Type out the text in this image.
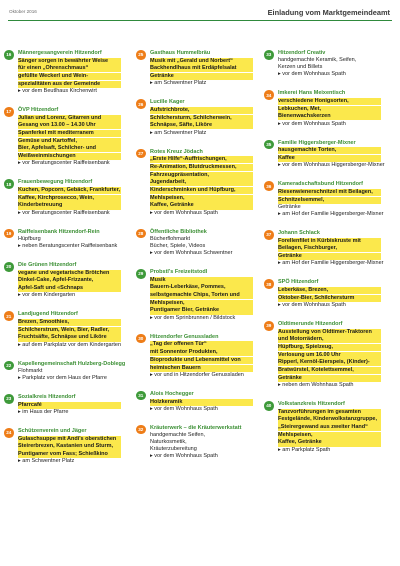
Oktober 2016	Einladung vom Marktgemeindeamt
16	Männergesangverein Hitzendorf
Sänger sorgen in bewährter Weise
für einen „Ohrenschmaus“
gefüllte Weckerl und Wein-
spezialitäten aus der Gemeinde
▸ vor dem Beutlhaus Kirchenwirt
17	ÖVP Hitzendorf
Julian und Lorenz, Gitarren und
Gesang von 13.00 – 14.30 Uhr
Spanferkel mit mediterranem
Gemüse und Kartoffel,
Bier, Apfelsaft, Schilcher- und
Weißweinmischungen
▸ vor Beratungscenter Raiffeisenbank
18	Frauenbewegung Hitzendorf
Kuchen, Popcorn, Gebäck, Frankfurter,
Kaffee, Kirchprosecco, Wein,
Kinderbetreuung
▸ vor Beratungscenter Raiffeisenbank
19	Raiffeisenbank Hitzendorf-Rein
Hüpfburg
▸ neben Beratungscenter Raiffeisenbank
20	Die Grünen Hitzendorf
vegane und vegetarische Brötchen
Dinkel-Cake, Apfel-Frizzante,
Apfel-Saft und «Schnaps
▸ vor dem Kindergarten
21	Landjugend Hitzendorf
Brezen, Smoothies,
Schilcherstrum, Wein, Bier, Radler,
Fruchtsäfte, Schnäpse und Liköre
▸ auf dem Parkplatz vor dem Kindergarten
22	Kapellengemeinschaft Hulzberg-Doblegg
Flohmarkt
▸ Parkplatz vor dem Haus der Pfarre
23	Sozialkreis Hitzendorf
Pfarrcafé
▸ im Haus der Pfarre
24	Schützenverein und Jäger
Gulaschsuppe mit Andi's oberstichen
Steirerbrezen, Kastanien und Sturm,
Puntigamer vom Fass; Schießkino
▸ am Schwentner Platz
25	Gasthaus Hummelbräu
Musik mit „Gerald und Norbert“
Backhendlhaus mit Erdäpfelsalat
Getränke
▸ am Schwentner Platz
26	Lucille Kager
Aufstrichbrote,
Schilchersturm, Schilcherwein,
Schnäpse, Säfte, Liköre
▸ am Schwentner Platz
27	Rotes Kreuz Jödach
„Erste Hilfe“-Auffrischungen,
Re-Animation, Blutdruckmessen,
Fahrzeugpräsentation,
Jugendarbeit,
Kinderschminken und Hüpfburg,
Mehlspeisen,
Kaffee, Getränke
▸ vor dem Wohnhaus Spath
28	Öffentliche Bibliothek
Bücherflohmarkt
Bücher, Spiele, Videos
▸ vor dem Wohnhaus Schwentner
29	Probstl's Freizeitstodl
Musik
Bauern-Leberkäse, Pommes,
selbstgemachte Chips, Torten und
Mehlspeisen,
Puntigamer Bier, Getränke
▸ vor dem Sprinbrunnen / Bildstock
30	Hitzendorfer Genussladen
„Tag der offenen Tür“
mit Sonnentor Produkten,
Bioprodukte und Lebensmittel von
heimischen Bauern
▸ vor und in Hitzendorfer Genussladen
31	Alois Hochegger
Holzkeramik
▸ vor dem Wohnhaus Spath
32	Kräuterwerk – die Kräuterwerkstatt
handgemachte Seifen,
Naturkosmetik,
Kräuterzubereitung
▸ vor dem Wohnhaus Spath
33	Hitzendorf Creativ
handgemachte Keramik, Seifen,
Kerzen und Billets
▸ vor dem Wohnhaus Spath
34	Imkerei Hans Meixentisch
verschiedene Honigsorten,
Lebkuchen, Met,
Bienenwachskerzen
▸ vor dem Wohnhaus Spath
35	Familie Higgersberger-Mixner
hausgemachte Torten,
Kaffee
▸ vor dem Wohnhaus Higgersberger-Mixner
36	Kameradschaftsbund Hitzendorf
Riesenwienerschnitzel mit Beilagen,
Schnitzelsemmel,
Getränke
▸ am Hof der Familie Higgersberger-Mixner
37	Johann Schlack
Forellenfilet in Kürbiskruste mit
Beilagen, Fischburger,
Getränke
▸ am Hof der Familie Higgersberger-Mixner
38	SPÖ Hitzendorf
Leberkäse, Brezen,
Oktober-Bier, Schilchersturm
▸ vor dem Wohnhaus Spath
39	Oldtimerunde Hitzendorf
Ausstellung von Oldtimer-Traktoren
und Motorrädern,
Hüpfburg, Spielzeug,
Verlosung um 16.00 Uhr
Ripperl, Kernöl-Eierspeis, (Kinder)-
Bratwürstel, Kotelettsemmel,
Getränke
▸ neben dem Wohnhaus Spath
40	Volkstanzkreis Hitzendorf
Tanzvorführungen im gesamten
Festgelände, Kinderwolkstanzgruppe,
„Steirergewand aus zweiter Hand“
Mehlspeisen,
Kaffee, Getränke
▸ am Parkplatz Spath
